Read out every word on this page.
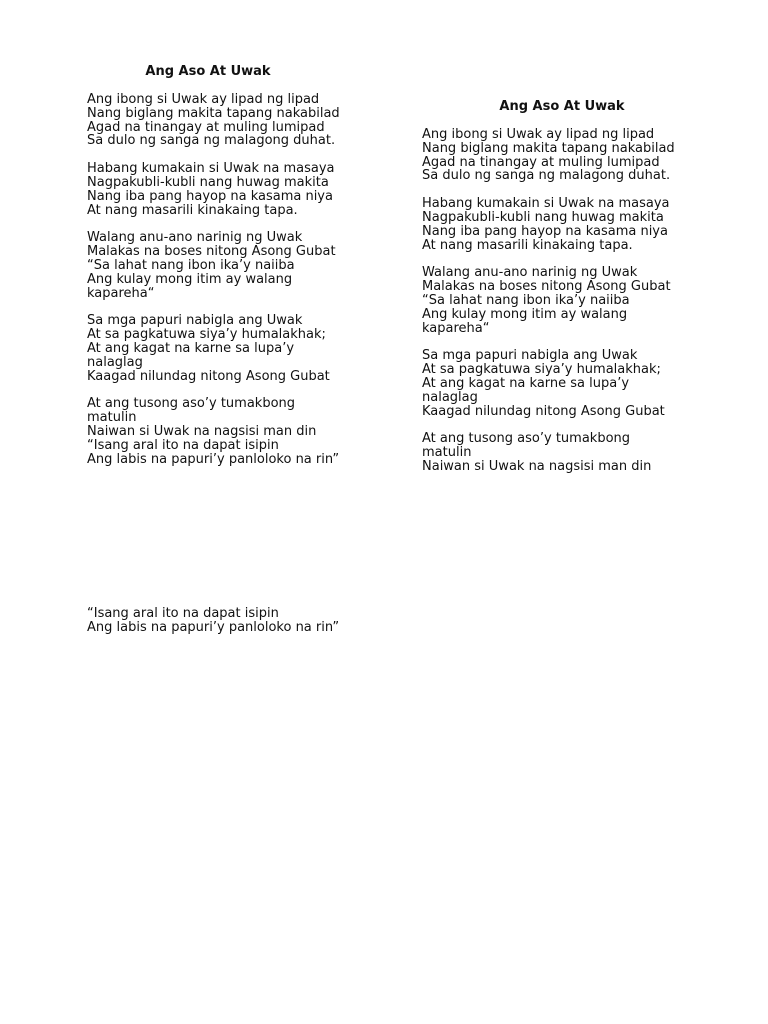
Ang Aso At Uwak

Ang ibong si Uwak ay lipad ng lipad
Nang biglang makita tapang nakabilad
Agad na tinangay at muling lumipad
Sa dulo ng sanga ng malagong duhat.
Habang kumakain si Uwak na masaya
Nagpakubli-kubli nang huwag makita
Nang iba pang hayop na kasama niya
At nang masarili kinakaing tapa.
Walang anu-ano narinig ng Uwak
Malakas na boses nitong Asong Gubat
“Sa lahat nang ibon ika’y naiiba
Ang kulay mong itim ay walang
kapareha“
Sa mga papuri nabigla ang Uwak
At sa pagkatuwa siya’y humalakhak;
At ang kagat na karne sa lupa’y
nalaglag
Kaagad nilundag nitong Asong Gubat
At ang tusong aso’y tumakbong
matulin
Naiwan si Uwak na nagsisi man din
“Isang aral ito na dapat isipin
Ang labis na papuri’y panloloko na rin”

Ang Aso At Uwak

Ang ibong si Uwak ay lipad ng lipad
Nang biglang makita tapang nakabilad
Agad na tinangay at muling lumipad
Sa dulo ng sanga ng malagong duhat.
Habang kumakain si Uwak na masaya
Nagpakubli-kubli nang huwag makita
Nang iba pang hayop na kasama niya
At nang masarili kinakaing tapa.
Walang anu-ano narinig ng Uwak
Malakas na boses nitong Asong Gubat
“Sa lahat nang ibon ika’y naiiba
Ang kulay mong itim ay walang
kapareha“
Sa mga papuri nabigla ang Uwak
At sa pagkatuwa siya’y humalakhak;
At ang kagat na karne sa lupa’y
nalaglag
Kaagad nilundag nitong Asong Gubat
At ang tusong aso’y tumakbong
matulin
Naiwan si Uwak na nagsisi man din
“Isang aral ito na dapat isipin
Ang labis na papuri’y panloloko na rin”
